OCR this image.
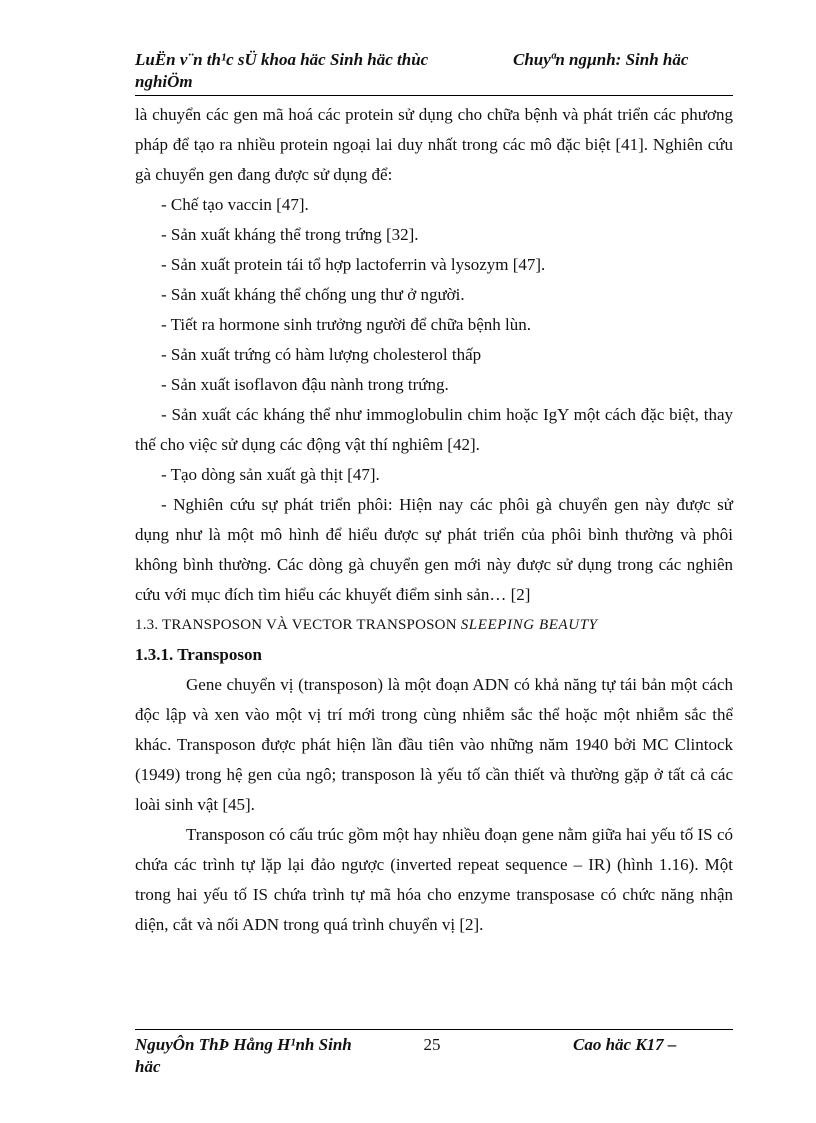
LuËn v¨n th¹c sÜ khoa häc Sinh häc thùc nghiÖm
Chuyªn ngµnh: Sinh häc

là chuyển các gen mã hoá các protein sử dụng cho chữa bệnh và phát triển các phương pháp để tạo ra nhiều protein ngoại lai duy nhất trong các mô đặc biệt [41]. Nghiên cứu gà chuyển gen đang được sử dụng để:

- Chế tạo vaccin [47].

- Sản xuất kháng thể trong trứng [32].

- Sản xuất protein tái tổ hợp lactoferrin và lysozym [47].

- Sản xuất kháng thể chống ung thư ở người.

- Tiết ra hormone sinh trưởng người để chữa bệnh lùn.

- Sản xuất trứng có hàm lượng cholesterol thấp

- Sản xuất isoflavon đậu nành trong trứng.

- Sản xuất các kháng thể như immoglobulin chim hoặc IgY một cách đặc biệt, thay thế cho việc sử dụng các động vật thí nghiêm [42].

- Tạo dòng sản xuất gà thịt [47].

- Nghiên cứu sự phát triển phôi: Hiện nay các phôi gà chuyển gen này được sử dụng như là một mô hình để hiểu được sự phát triển của phôi bình thường và phôi không bình thường. Các dòng gà chuyển gen mới này được sử dụng trong các nghiên cứu với mục đích tìm hiểu các khuyết điểm sinh sản… [2]

1.3. TRANSPOSON VÀ VECTOR TRANSPOSON SLEEPING BEAUTY

1.3.1. Transposon

Gene chuyển vị (transposon) là một đoạn ADN có khả năng tự tái bản một cách độc lập và xen vào một vị trí mới trong cùng nhiễm sắc thể hoặc một nhiễm sắc thể khác. Transposon được phát hiện lần đầu tiên vào những năm 1940 bởi MC Clintock (1949) trong hệ gen của ngô; transposon là yếu tố cần thiết và thường gặp ở tất cả các loài sinh vật [45].

Transposon có cấu trúc gồm một hay nhiều đoạn gene nằm giữa hai yếu tố IS có chứa các trình tự lặp lại đảo ngược (inverted repeat sequence – IR) (hình 1.16). Một trong hai yếu tố IS chứa trình tự mã hóa cho enzyme transposase có chức năng nhận diện, cắt và nối ADN trong quá trình chuyển vị [2].

NguyÔn ThÞ Hång H¹nh Sinh häc
25	Cao häc K17 –
